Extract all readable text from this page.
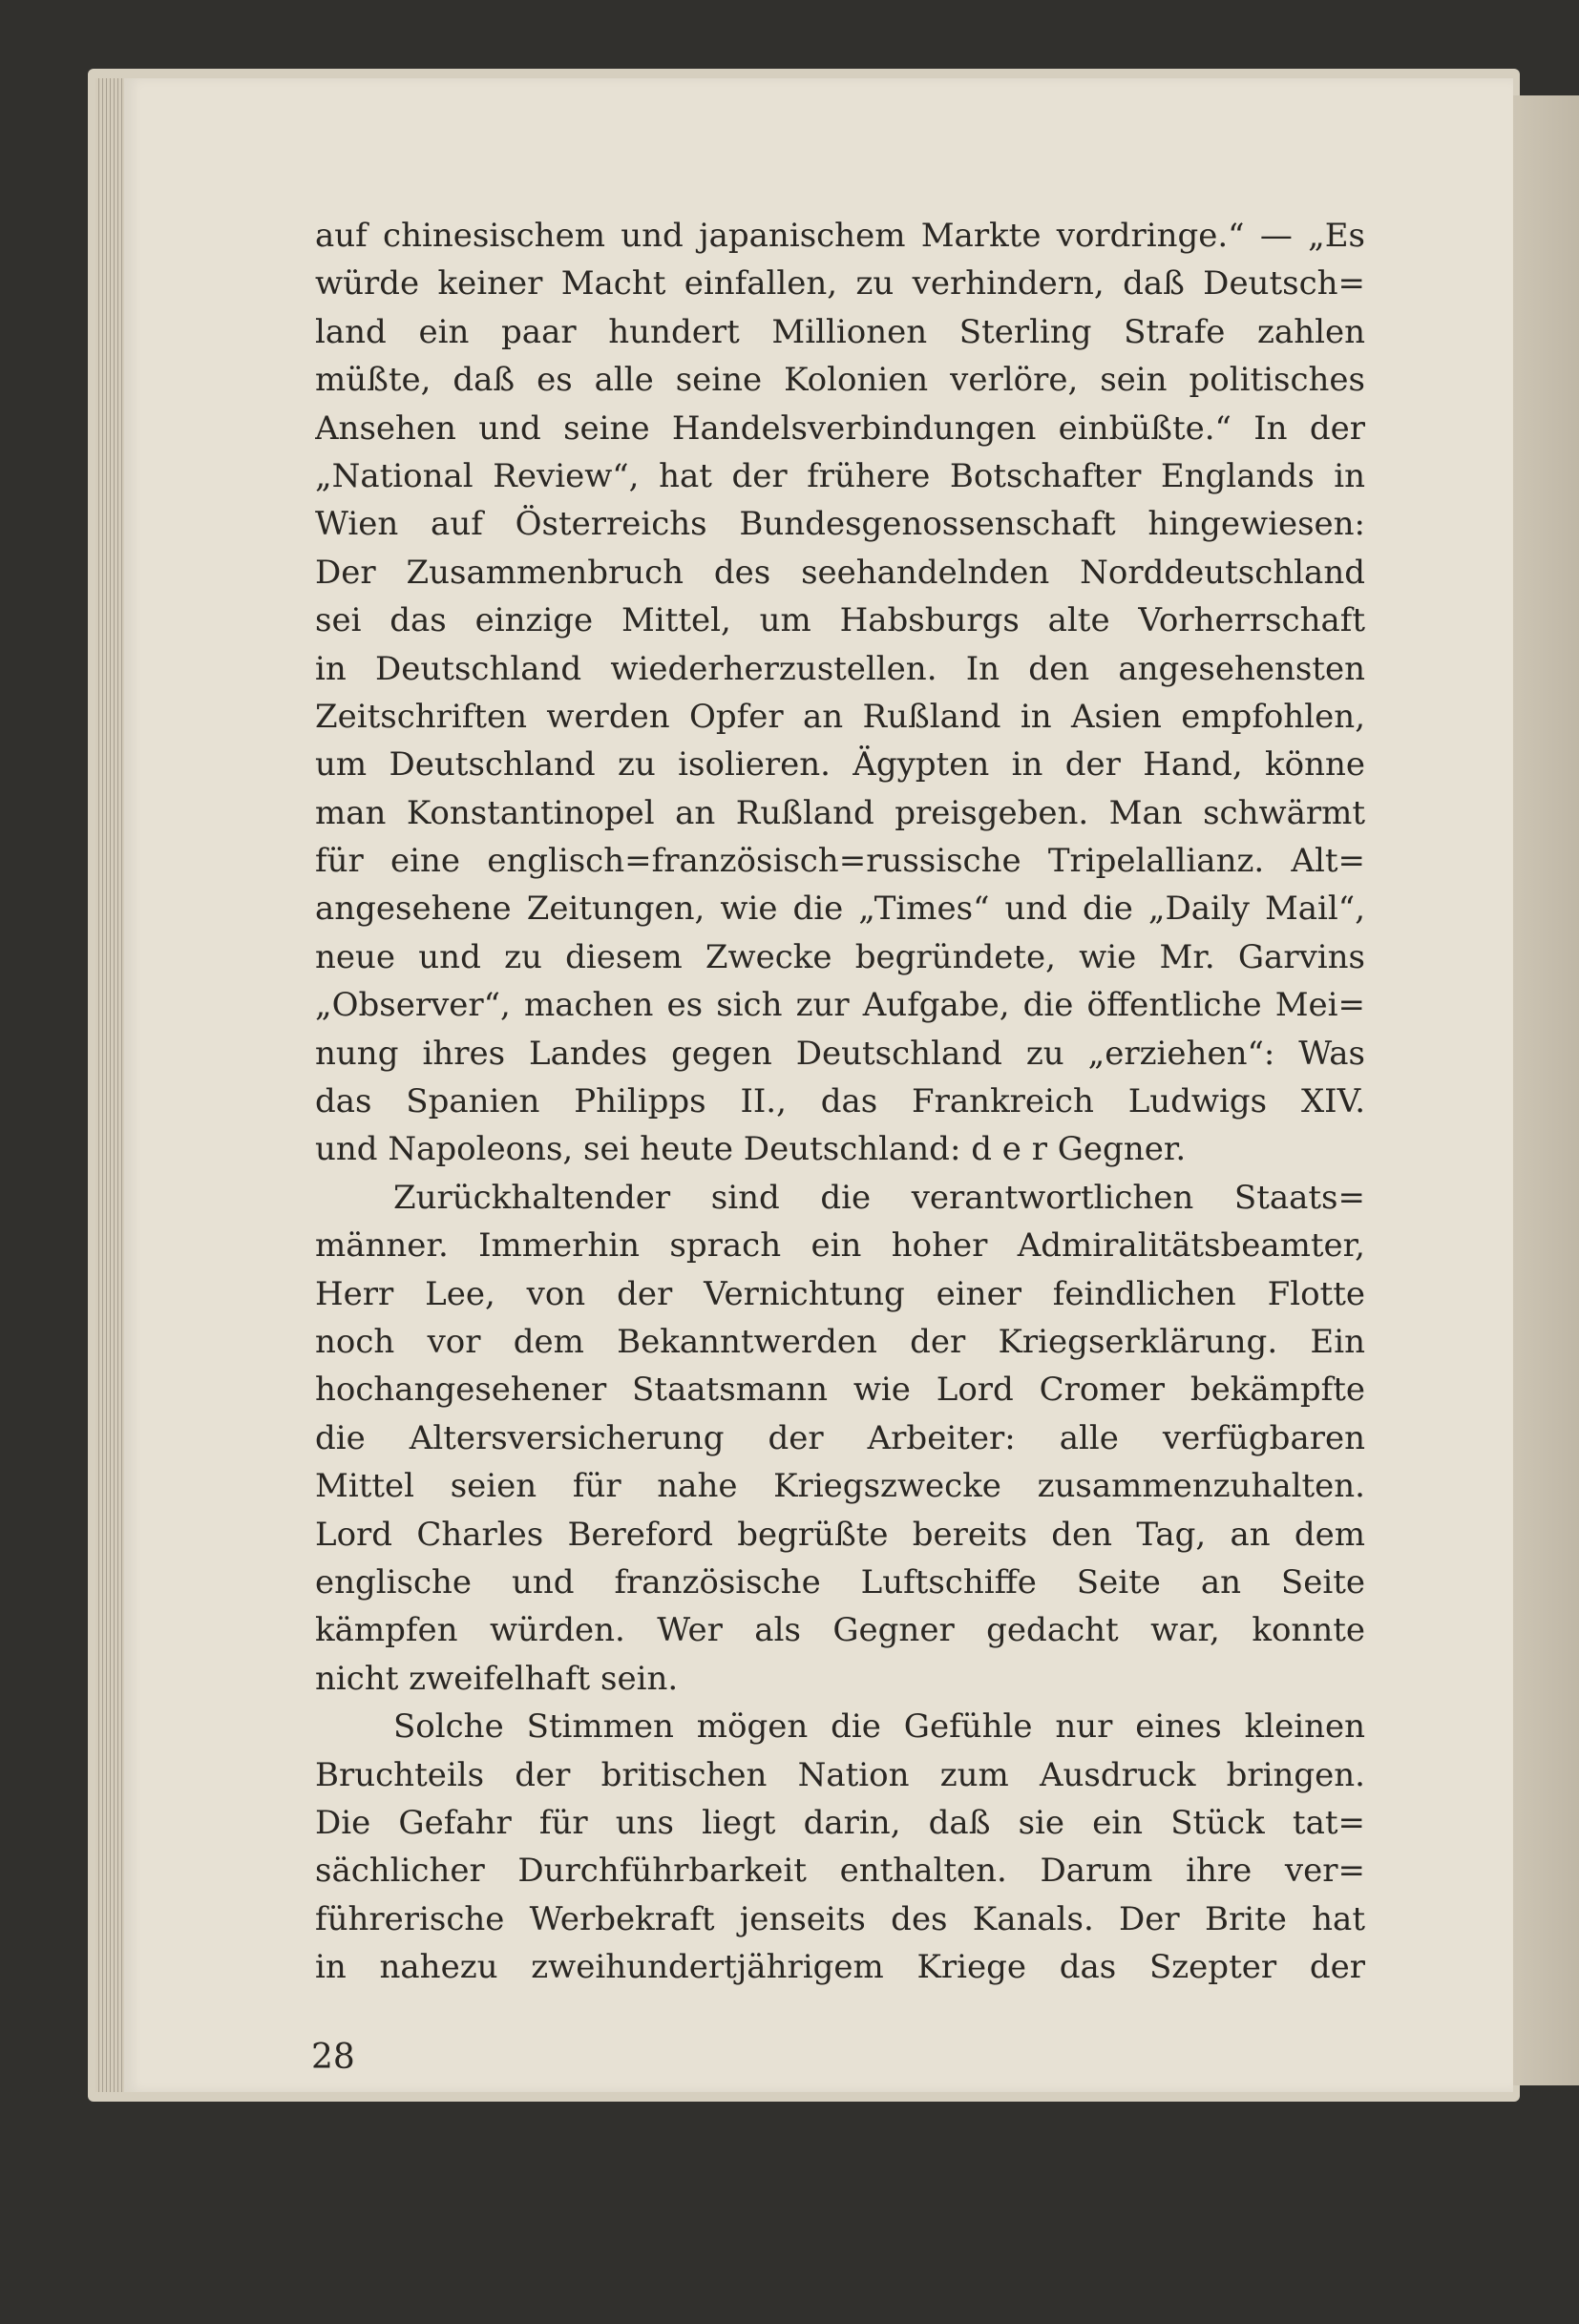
auf chinesischem und japanischem Markte vordringe.“ — „Es
würde keiner Macht einfallen, zu verhindern, daß Deutsch=
land ein paar hundert Millionen Sterling Strafe zahlen
müßte, daß es alle seine Kolonien verlöre, sein politisches
Ansehen und seine Handelsverbindungen einbüßte.“ In der
„National Review“, hat der frühere Botschafter Englands in
Wien auf Österreichs Bundesgenossenschaft hingewiesen:
Der Zusammenbruch des seehandelnden Norddeutschland
sei das einzige Mittel, um Habsburgs alte Vorherrschaft
in Deutschland wiederherzustellen. In den angesehensten
Zeitschriften werden Opfer an Rußland in Asien empfohlen,
um Deutschland zu isolieren. Ägypten in der Hand, könne
man Konstantinopel an Rußland preisgeben. Man schwärmt
für eine englisch=französisch=russische Tripelallianz. Alt=
angesehene Zeitungen, wie die „Times“ und die „Daily Mail“,
neue und zu diesem Zwecke begründete, wie Mr. Garvins
„Observer“, machen es sich zur Aufgabe, die öffentliche Mei=
nung ihres Landes gegen Deutschland zu „erziehen“: Was
das Spanien Philipps II., das Frankreich Ludwigs XIV.
und Napoleons, sei heute Deutschland: d e r Gegner.
Zurückhaltender sind die verantwortlichen Staats=
männer. Immerhin sprach ein hoher Admiralitätsbeamter,
Herr Lee, von der Vernichtung einer feindlichen Flotte
noch vor dem Bekanntwerden der Kriegserklärung. Ein
hochangesehener Staatsmann wie Lord Cromer bekämpfte
die Altersversicherung der Arbeiter: alle verfügbaren
Mittel seien für nahe Kriegszwecke zusammenzuhalten.
Lord Charles Bereford begrüßte bereits den Tag, an dem
englische und französische Luftschiffe Seite an Seite
kämpfen würden. Wer als Gegner gedacht war, konnte
nicht zweifelhaft sein.
Solche Stimmen mögen die Gefühle nur eines kleinen
Bruchteils der britischen Nation zum Ausdruck bringen.
Die Gefahr für uns liegt darin, daß sie ein Stück tat=
sächlicher Durchführbarkeit enthalten. Darum ihre ver=
führerische Werbekraft jenseits des Kanals. Der Brite hat
in nahezu zweihundertjährigem Kriege das Szepter der
28
